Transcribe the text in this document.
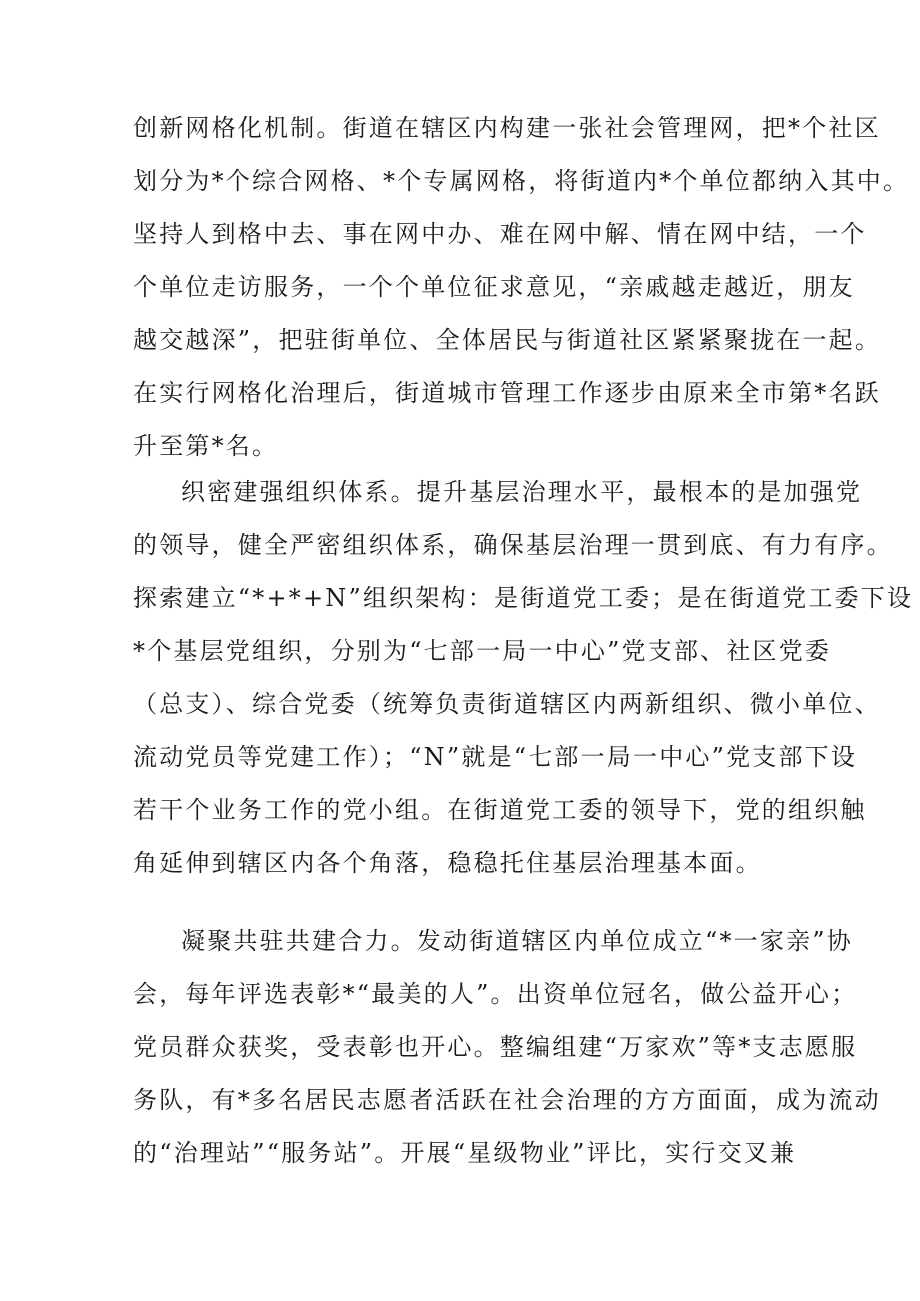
创新网格化机制。街道在辖区内构建一张社会管理网，把*个社区
划分为*个综合网格、*个专属网格，将街道内*个单位都纳入其中。
坚持人到格中去、事在网中办、难在网中解、情在网中结，一个
个单位走访服务，一个个单位征求意见，“亲戚越走越近，朋友
越交越深”，把驻街单位、全体居民与街道社区紧紧聚拢在一起。
在实行网格化治理后，街道城市管理工作逐步由原来全市第*名跃
升至第*名。
织密建强组织体系。提升基层治理水平，最根本的是加强党
的领导，健全严密组织体系，确保基层治理一贯到底、有力有序。
探索建立“*+*+N”组织架构：是街道党工委；是在街道党工委下设
*个基层党组织，分别为“七部一局一中心”党支部、社区党委
（总支）、综合党委（统筹负责街道辖区内两新组织、微小单位、
流动党员等党建工作）；“N”就是“七部一局一中心”党支部下设
若干个业务工作的党小组。在街道党工委的领导下，党的组织触
角延伸到辖区内各个角落，稳稳托住基层治理基本面。
凝聚共驻共建合力。发动街道辖区内单位成立“*一家亲”协
会，每年评选表彰*“最美的人”。出资单位冠名，做公益开心；
党员群众获奖，受表彰也开心。整编组建“万家欢”等*支志愿服
务队，有*多名居民志愿者活跃在社会治理的方方面面，成为流动
的“治理站”“服务站”。开展“星级物业”评比，实行交叉兼
